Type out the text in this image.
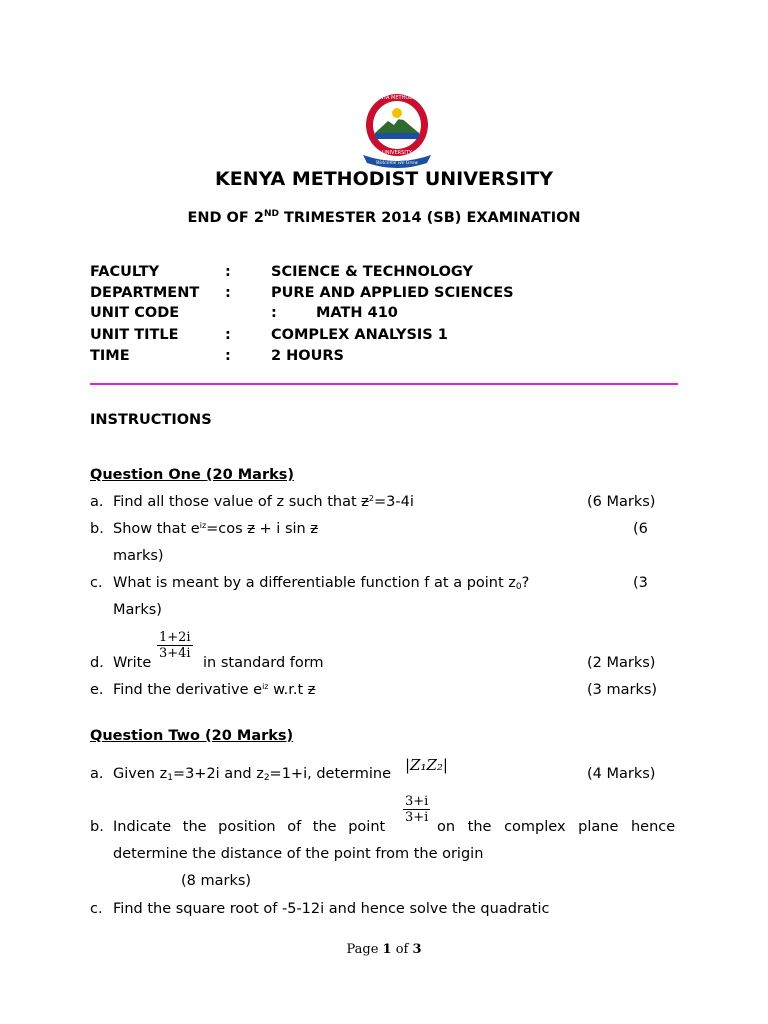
KENYA METHODIST
UNIVERSITY
Welcome we Grow
KENYA METHODIST UNIVERSITY
END OF 2ND TRIMESTER 2014 (SB) EXAMINATION
FACULTY	:	SCIENCE & TECHNOLOGY
DEPARTMENT :	PURE AND APPLIED SCIENCES
UNIT CODE	:	MATH 410
UNIT TITLE	:	COMPLEX ANALYSIS 1
TIME	:	2 HOURS
INSTRUCTIONS
Question One (20 Marks)
a. Find all those value of z such that $z^2=3-4i$	(6 Marks)
b. Show that $e^{iz}=\cos$ z + i sin z	(6
marks)
c. What is meant by a differentiable function f at a point $z_0$?	(3
Marks)
d. Write
$\frac{1+2i}{3+4i}$
in standard form	(2 Marks)
e. Find the derivative $e^{iz}$ w.r.t z	(3 marks)
Question Two (20 Marks)
a. Given $z_1=3+2i$ and $z_2=1+i$, determine |Z₁Z₂|	(4 Marks)
b. Indicate the position of the point
$\frac{3+i}{3+i}$
on the complex plane hence
determine the distance of the point from the origin
(8 marks)
c. Find the square root of -5-12i and hence solve the quadratic
Page 1 of 3
